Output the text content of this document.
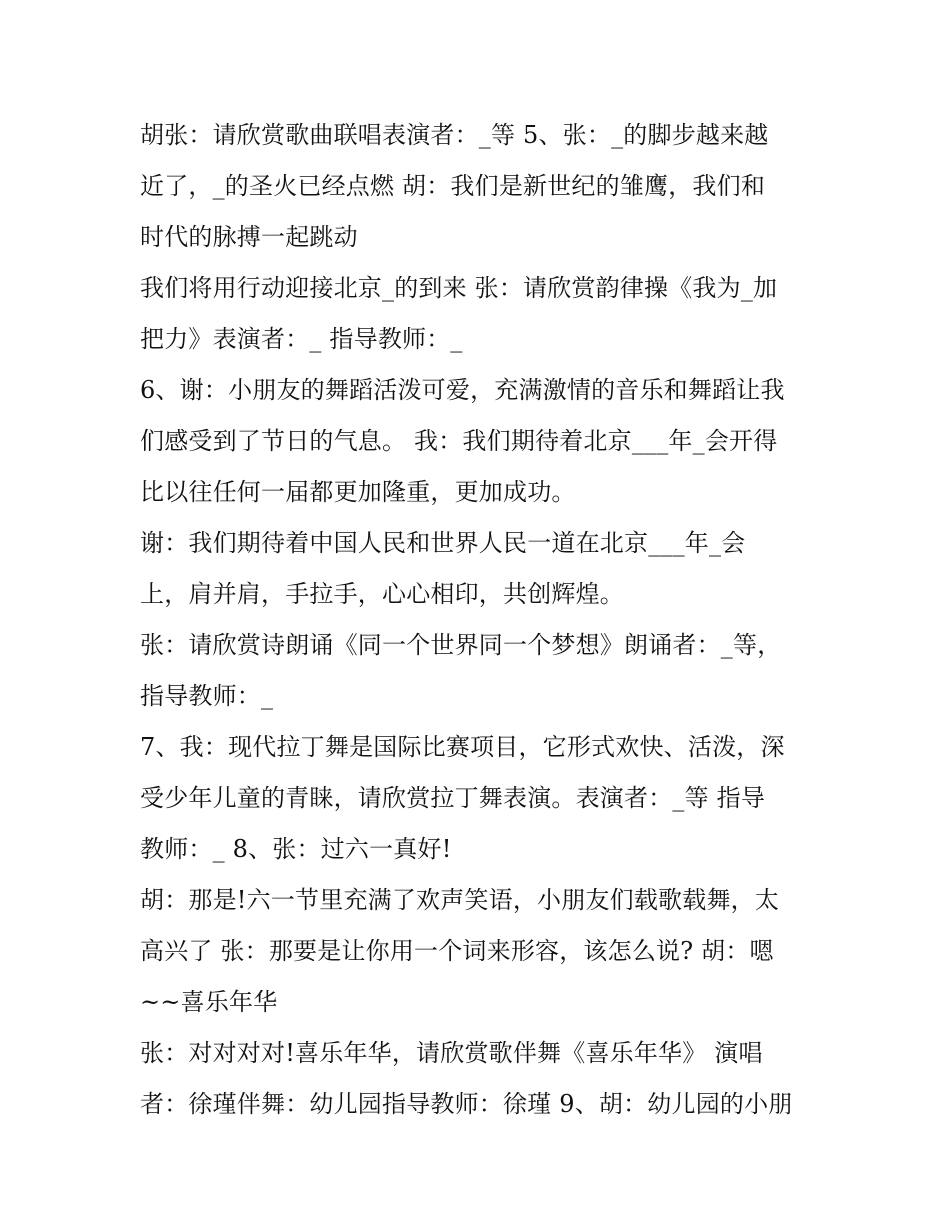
胡张：请欣赏歌曲联唱表演者：_等 5、张：_的脚步越来越
近了，_的圣火已经点燃 胡：我们是新世纪的雏鹰，我们和
时代的脉搏一起跳动
我们将用行动迎接北京_的到来 张：请欣赏韵律操《我为_加
把力》表演者：_ 指导教师：_
6、谢：小朋友的舞蹈活泼可爱，充满激情的音乐和舞蹈让我
们感受到了节日的气息。 我：我们期待着北京___年_会开得
比以往任何一届都更加隆重，更加成功。
谢：我们期待着中国人民和世界人民一道在北京___年_会
上，肩并肩，手拉手，心心相印，共创辉煌。
张：请欣赏诗朗诵《同一个世界同一个梦想》朗诵者：_等，
指导教师：_
7、我：现代拉丁舞是国际比赛项目，它形式欢快、活泼，深
受少年儿童的青睐，请欣赏拉丁舞表演。表演者：_等 指导
教师：_ 8、张：过六一真好!
胡：那是!六一节里充满了欢声笑语，小朋友们载歌载舞，太
高兴了 张：那要是让你用一个词来形容，该怎么说? 胡：嗯
~~喜乐年华
张：对对对对!喜乐年华，请欣赏歌伴舞《喜乐年华》 演唱
者：徐瑾伴舞：幼儿园指导教师：徐瑾 9、胡：幼儿园的小朋
